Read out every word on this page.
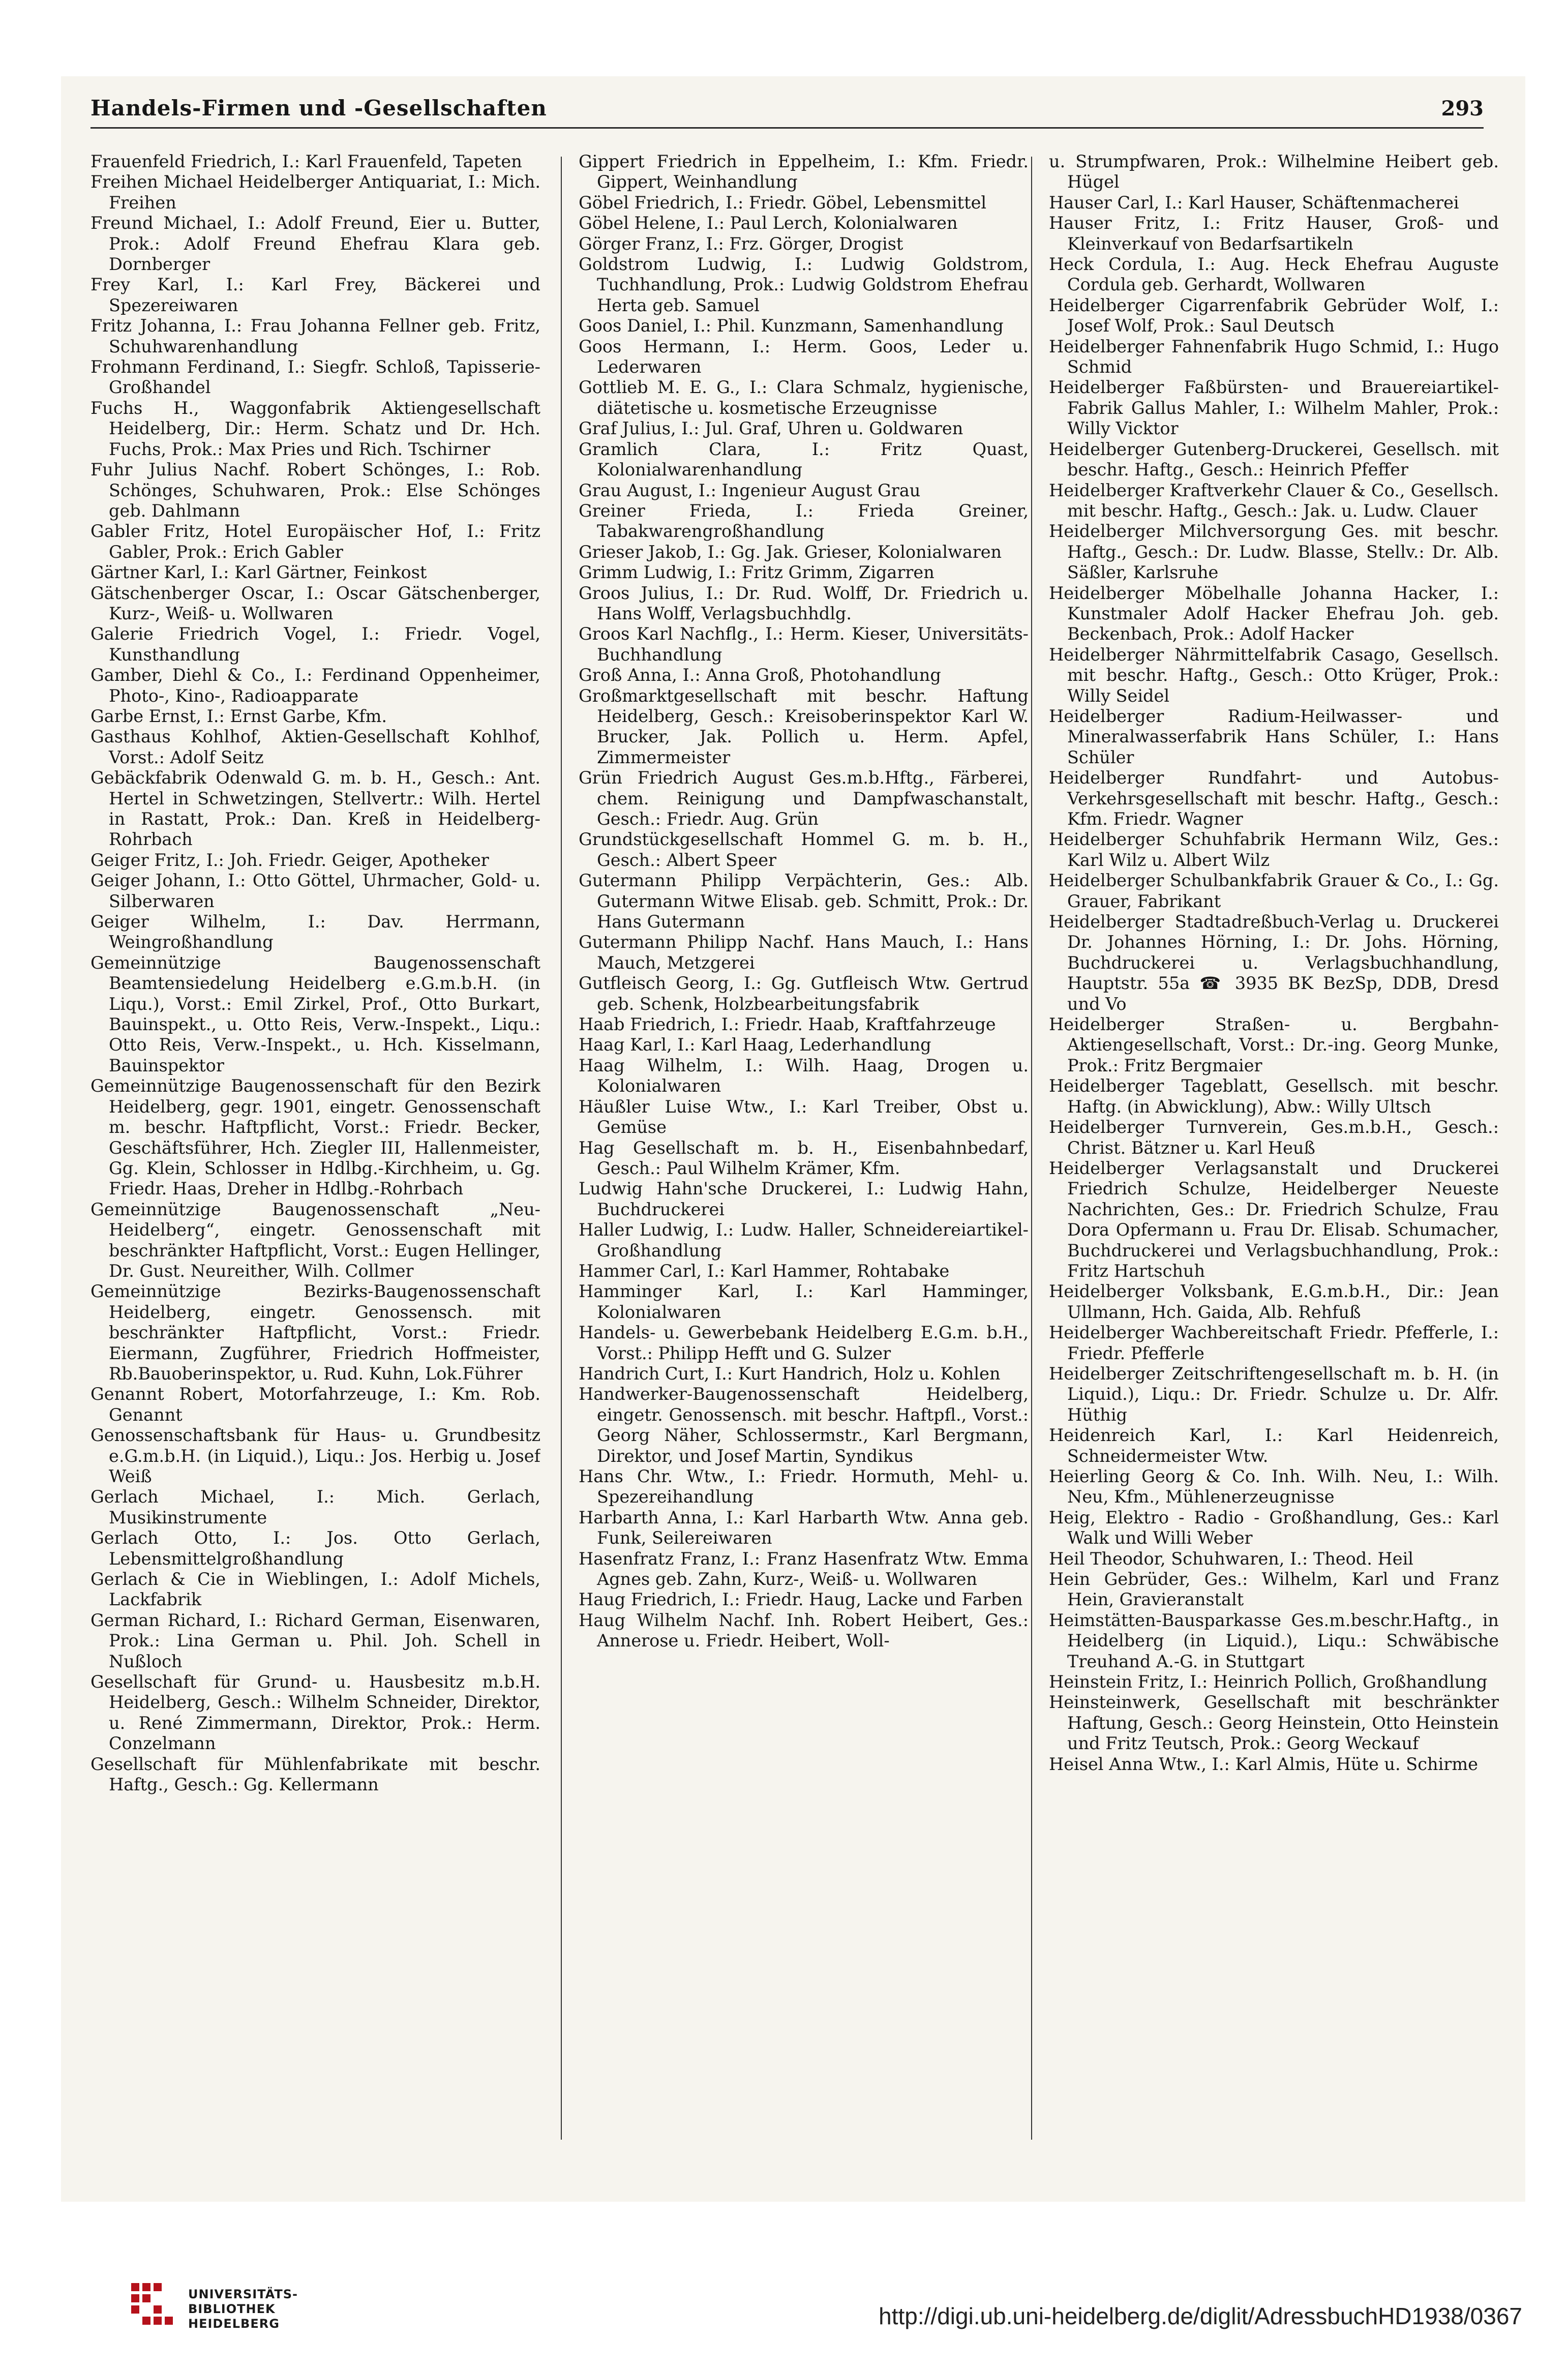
Handels-Firmen und -Gesellschaften	293

Frauenfeld Friedrich, I.: Karl Frauenfeld, Tapeten

Freihen Michael Heidelberger Antiquariat, I.: Mich. Freihen

Freund Michael, I.: Adolf Freund, Eier u. Butter, Prok.: Adolf Freund Ehefrau Klara geb. Dornberger

Frey Karl, I.: Karl Frey, Bäckerei und Spezereiwaren

Fritz Johanna, I.: Frau Johanna Fellner geb. Fritz, Schuhwarenhandlung

Frohmann Ferdinand, I.: Siegfr. Schloß, Tapisserie-Großhandel

Fuchs H., Waggonfabrik Aktiengesellschaft Heidelberg, Dir.: Herm. Schatz und Dr. Hch. Fuchs, Prok.: Max Pries und Rich. Tschirner

Fuhr Julius Nachf. Robert Schönges, I.: Rob. Schönges, Schuhwaren, Prok.: Else Schönges geb. Dahlmann

Gabler Fritz, Hotel Europäischer Hof, I.: Fritz Gabler, Prok.: Erich Gabler

Gärtner Karl, I.: Karl Gärtner, Feinkost

Gätschenberger Oscar, I.: Oscar Gätschenberger, Kurz-, Weiß- u. Wollwaren

Galerie Friedrich Vogel, I.: Friedr. Vogel, Kunsthandlung

Gamber, Diehl & Co., I.: Ferdinand Oppenheimer, Photo-, Kino-, Radioapparate

Garbe Ernst, I.: Ernst Garbe, Kfm.

Gasthaus Kohlhof, Aktien-Gesellschaft Kohlhof, Vorst.: Adolf Seitz

Gebäckfabrik Odenwald G. m. b. H., Gesch.: Ant. Hertel in Schwetzingen, Stellvertr.: Wilh. Hertel in Rastatt, Prok.: Dan. Kreß in Heidelberg-Rohrbach

Geiger Fritz, I.: Joh. Friedr. Geiger, Apotheker

Geiger Johann, I.: Otto Göttel, Uhrmacher, Gold- u. Silberwaren

Geiger Wilhelm, I.: Dav. Herrmann, Weingroßhandlung

Gemeinnützige Baugenossenschaft Beamtensiedelung Heidelberg e.G.m.b.H. (in Liqu.), Vorst.: Emil Zirkel, Prof., Otto Burkart, Bauinspekt., u. Otto Reis, Verw.-Inspekt., Liqu.: Otto Reis, Verw.-Inspekt., u. Hch. Kisselmann, Bauinspektor

Gemeinnützige Baugenossenschaft für den Bezirk Heidelberg, gegr. 1901, eingetr. Genossenschaft m. beschr. Haftpflicht, Vorst.: Friedr. Becker, Geschäftsführer, Hch. Ziegler III, Hallenmeister, Gg. Klein, Schlosser in Hdlbg.-Kirchheim, u. Gg. Friedr. Haas, Dreher in Hdlbg.-Rohrbach

Gemeinnützige Baugenossenschaft „Neu-Heidelberg“, eingetr. Genossenschaft mit beschränkter Haftpflicht, Vorst.: Eugen Hellinger, Dr. Gust. Neureither, Wilh. Collmer

Gemeinnützige Bezirks-Baugenossenschaft Heidelberg, eingetr. Genossensch. mit beschränkter Haftpflicht, Vorst.: Friedr. Eiermann, Zugführer, Friedrich Hoffmeister, Rb.Bauoberinspektor, u. Rud. Kuhn, Lok.Führer

Genannt Robert, Motorfahrzeuge, I.: Km. Rob. Genannt

Genossenschaftsbank für Haus- u. Grundbesitz e.G.m.b.H. (in Liquid.), Liqu.: Jos. Herbig u. Josef Weiß

Gerlach Michael, I.: Mich. Gerlach, Musikinstrumente

Gerlach Otto, I.: Jos. Otto Gerlach, Lebensmittelgroßhandlung

Gerlach & Cie in Wieblingen, I.: Adolf Michels, Lackfabrik

German Richard, I.: Richard German, Eisenwaren, Prok.: Lina German u. Phil. Joh. Schell in Nußloch

Gesellschaft für Grund- u. Hausbesitz m.b.H. Heidelberg, Gesch.: Wilhelm Schneider, Direktor, u. René Zimmermann, Direktor, Prok.: Herm. Conzelmann

Gesellschaft für Mühlenfabrikate mit beschr. Haftg., Gesch.: Gg. Kellermann

Gippert Friedrich in Eppelheim, I.: Kfm. Friedr. Gippert, Weinhandlung

Göbel Friedrich, I.: Friedr. Göbel, Lebensmittel

Göbel Helene, I.: Paul Lerch, Kolonialwaren

Görger Franz, I.: Frz. Görger, Drogist

Goldstrom Ludwig, I.: Ludwig Goldstrom, Tuchhandlung, Prok.: Ludwig Goldstrom Ehefrau Herta geb. Samuel

Goos Daniel, I.: Phil. Kunzmann, Samenhandlung

Goos Hermann, I.: Herm. Goos, Leder u. Lederwaren

Gottlieb M. E. G., I.: Clara Schmalz, hygienische, diätetische u. kosmetische Erzeugnisse

Graf Julius, I.: Jul. Graf, Uhren u. Goldwaren

Gramlich Clara, I.: Fritz Quast, Kolonialwarenhandlung

Grau August, I.: Ingenieur August Grau

Greiner Frieda, I.: Frieda Greiner, Tabakwarengroßhandlung

Grieser Jakob, I.: Gg. Jak. Grieser, Kolonialwaren

Grimm Ludwig, I.: Fritz Grimm, Zigarren

Groos Julius, I.: Dr. Rud. Wolff, Dr. Friedrich u. Hans Wolff, Verlagsbuchhdlg.

Groos Karl Nachflg., I.: Herm. Kieser, Universitäts-Buchhandlung

Groß Anna, I.: Anna Groß, Photohandlung

Großmarktgesellschaft mit beschr. Haftung Heidelberg, Gesch.: Kreisoberinspektor Karl W. Brucker, Jak. Pollich u. Herm. Apfel, Zimmermeister

Grün Friedrich August Ges.m.b.Hftg., Färberei, chem. Reinigung und Dampfwaschanstalt, Gesch.: Friedr. Aug. Grün

Grundstückgesellschaft Hommel G. m. b. H., Gesch.: Albert Speer

Gutermann Philipp Verpächterin, Ges.: Alb. Gutermann Witwe Elisab. geb. Schmitt, Prok.: Dr. Hans Gutermann

Gutermann Philipp Nachf. Hans Mauch, I.: Hans Mauch, Metzgerei

Gutfleisch Georg, I.: Gg. Gutfleisch Wtw. Gertrud geb. Schenk, Holzbearbeitungsfabrik

Haab Friedrich, I.: Friedr. Haab, Kraftfahrzeuge

Haag Karl, I.: Karl Haag, Lederhandlung

Haag Wilhelm, I.: Wilh. Haag, Drogen u. Kolonialwaren

Häußler Luise Wtw., I.: Karl Treiber, Obst u. Gemüse

Hag Gesellschaft m. b. H., Eisenbahnbedarf, Gesch.: Paul Wilhelm Krämer, Kfm.

Ludwig Hahn'sche Druckerei, I.: Ludwig Hahn, Buchdruckerei

Haller Ludwig, I.: Ludw. Haller, Schneidereiartikel-Großhandlung

Hammer Carl, I.: Karl Hammer, Rohtabake

Hamminger Karl, I.: Karl Hamminger, Kolonialwaren

Handels- u. Gewerbebank Heidelberg E.G.m. b.H., Vorst.: Philipp Hefft und G. Sulzer

Handrich Curt, I.: Kurt Handrich, Holz u. Kohlen

Handwerker-Baugenossenschaft Heidelberg, eingetr. Genossensch. mit beschr. Haftpfl., Vorst.: Georg Näher, Schlossermstr., Karl Bergmann, Direktor, und Josef Martin, Syndikus

Hans Chr. Wtw., I.: Friedr. Hormuth, Mehl- u. Spezereihandlung

Harbarth Anna, I.: Karl Harbarth Wtw. Anna geb. Funk, Seilereiwaren

Hasenfratz Franz, I.: Franz Hasenfratz Wtw. Emma Agnes geb. Zahn, Kurz-, Weiß- u. Wollwaren

Haug Friedrich, I.: Friedr. Haug, Lacke und Farben

Haug Wilhelm Nachf. Inh. Robert Heibert, Ges.: Annerose u. Friedr. Heibert, Woll-

u. Strumpfwaren, Prok.: Wilhelmine Heibert geb. Hügel

Hauser Carl, I.: Karl Hauser, Schäftenmacherei

Hauser Fritz, I.: Fritz Hauser, Groß- und Kleinverkauf von Bedarfsartikeln

Heck Cordula, I.: Aug. Heck Ehefrau Auguste Cordula geb. Gerhardt, Wollwaren

Heidelberger Cigarrenfabrik Gebrüder Wolf, I.: Josef Wolf, Prok.: Saul Deutsch

Heidelberger Fahnenfabrik Hugo Schmid, I.: Hugo Schmid

Heidelberger Faßbürsten- und Brauereiartikel-Fabrik Gallus Mahler, I.: Wilhelm Mahler, Prok.: Willy Vicktor

Heidelberger Gutenberg-Druckerei, Gesellsch. mit beschr. Haftg., Gesch.: Heinrich Pfeffer

Heidelberger Kraftverkehr Clauer & Co., Gesellsch. mit beschr. Haftg., Gesch.: Jak. u. Ludw. Clauer

Heidelberger Milchversorgung Ges. mit beschr. Haftg., Gesch.: Dr. Ludw. Blasse, Stellv.: Dr. Alb. Säßler, Karlsruhe

Heidelberger Möbelhalle Johanna Hacker, I.: Kunstmaler Adolf Hacker Ehefrau Joh. geb. Beckenbach, Prok.: Adolf Hacker

Heidelberger Nährmittelfabrik Casago, Gesellsch. mit beschr. Haftg., Gesch.: Otto Krüger, Prok.: Willy Seidel

Heidelberger Radium-Heilwasser- und Mineralwasserfabrik Hans Schüler, I.: Hans Schüler

Heidelberger Rundfahrt- und Autobus-Verkehrsgesellschaft mit beschr. Haftg., Gesch.: Kfm. Friedr. Wagner

Heidelberger Schuhfabrik Hermann Wilz, Ges.: Karl Wilz u. Albert Wilz

Heidelberger Schulbankfabrik Grauer & Co., I.: Gg. Grauer, Fabrikant

Heidelberger Stadtadreßbuch-Verlag u. Druckerei Dr. Johannes Hörning, I.: Dr. Johs. Hörning, Buchdruckerei u. Verlagsbuchhandlung, Hauptstr. 55a ☎ 3935 BK BezSp, DDB, Dresd und Vo

Heidelberger Straßen- u. Bergbahn-Aktiengesellschaft, Vorst.: Dr.-ing. Georg Munke, Prok.: Fritz Bergmaier

Heidelberger Tageblatt, Gesellsch. mit beschr. Haftg. (in Abwicklung), Abw.: Willy Ultsch

Heidelberger Turnverein, Ges.m.b.H., Gesch.: Christ. Bätzner u. Karl Heuß

Heidelberger Verlagsanstalt und Druckerei Friedrich Schulze, Heidelberger Neueste Nachrichten, Ges.: Dr. Friedrich Schulze, Frau Dora Opfermann u. Frau Dr. Elisab. Schumacher, Buchdruckerei und Verlagsbuchhandlung, Prok.: Fritz Hartschuh

Heidelberger Volksbank, E.G.m.b.H., Dir.: Jean Ullmann, Hch. Gaida, Alb. Rehfuß

Heidelberger Wachbereitschaft Friedr. Pfefferle, I.: Friedr. Pfefferle

Heidelberger Zeitschriftengesellschaft m. b. H. (in Liquid.), Liqu.: Dr. Friedr. Schulze u. Dr. Alfr. Hüthig

Heidenreich Karl, I.: Karl Heidenreich, Schneidermeister Wtw.

Heierling Georg & Co. Inh. Wilh. Neu, I.: Wilh. Neu, Kfm., Mühlenerzeugnisse

Heig, Elektro - Radio - Großhandlung, Ges.: Karl Walk und Willi Weber

Heil Theodor, Schuhwaren, I.: Theod. Heil

Hein Gebrüder, Ges.: Wilhelm, Karl und Franz Hein, Gravieranstalt

Heimstätten-Bausparkasse Ges.m.beschr.Haftg., in Heidelberg (in Liquid.), Liqu.: Schwäbische Treuhand A.-G. in Stuttgart

Heinstein Fritz, I.: Heinrich Pollich, Großhandlung

Heinsteinwerk, Gesellschaft mit beschränkter Haftung, Gesch.: Georg Heinstein, Otto Heinstein und Fritz Teutsch, Prok.: Georg Weckauf

Heisel Anna Wtw., I.: Karl Almis, Hüte u. Schirme

UNIVERSITÄTS-
BIBLIOTHEK
HEIDELBERG	http://digi.ub.uni-heidelberg.de/diglit/AdressbuchHD1938/0367
